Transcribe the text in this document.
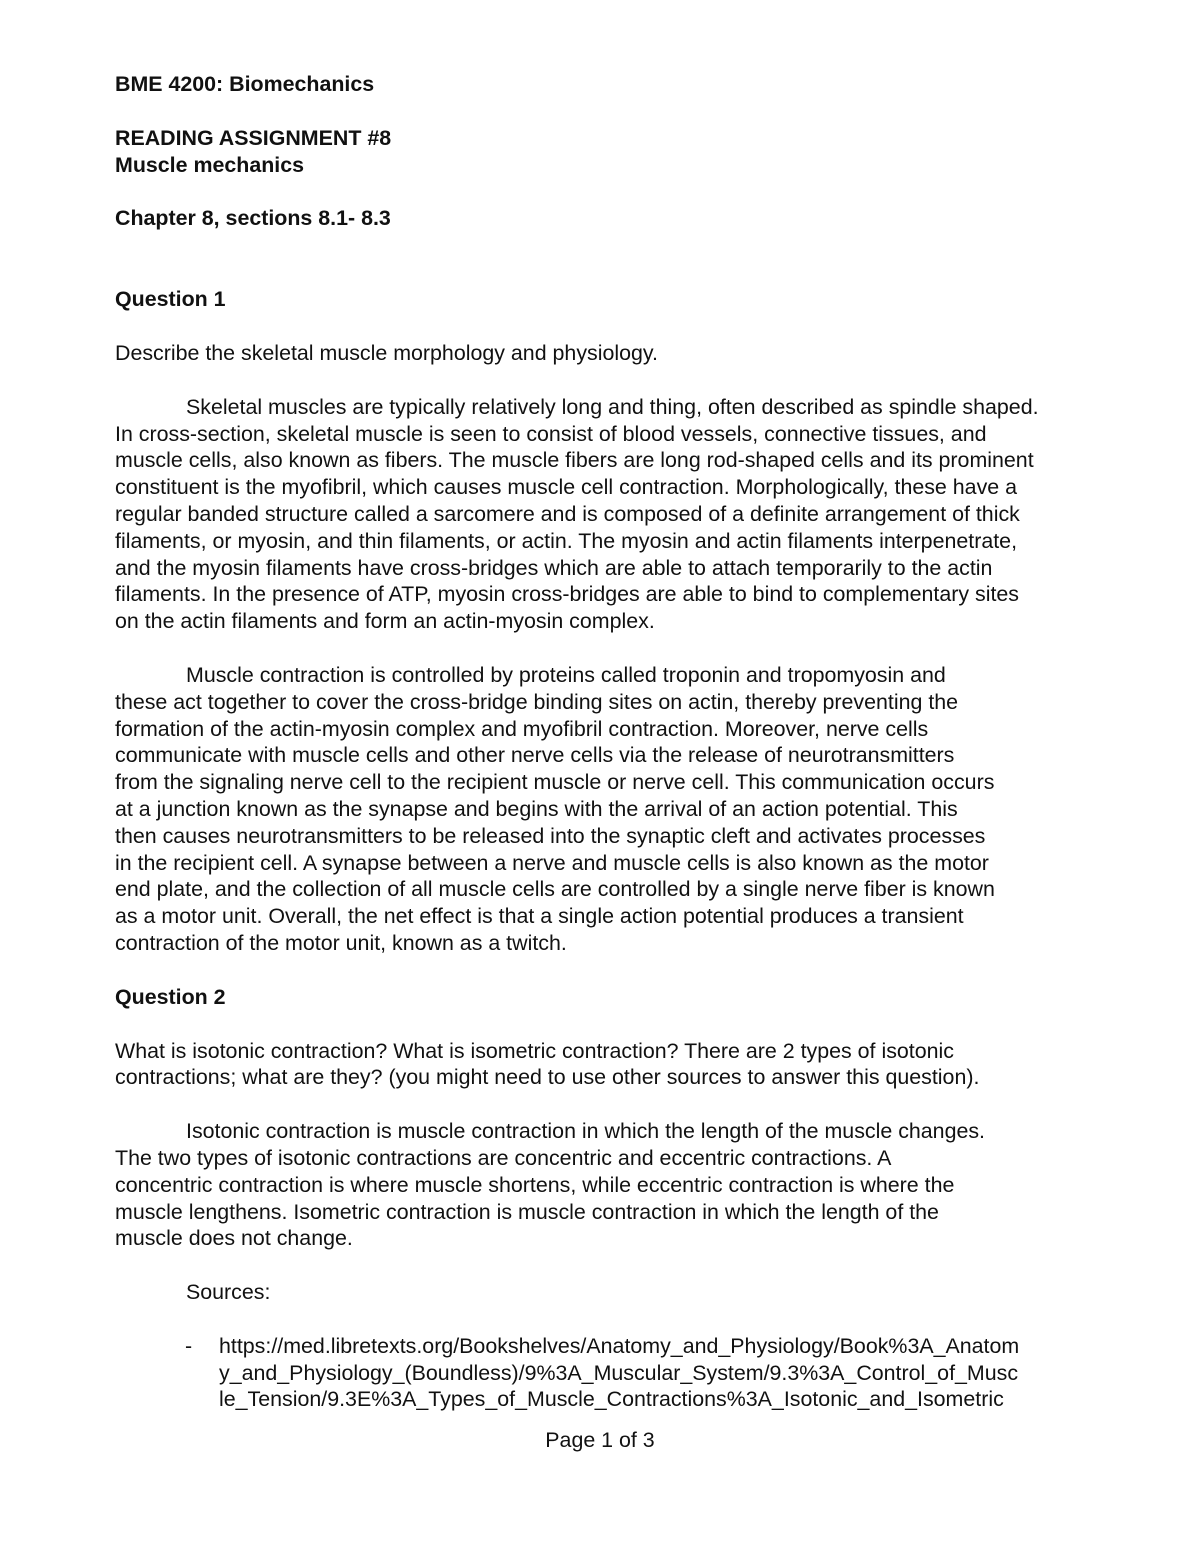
BME 4200: Biomechanics
READING ASSIGNMENT #8
Muscle mechanics
Chapter 8, sections 8.1- 8.3
Question 1
Describe the skeletal muscle morphology and physiology.
Skeletal muscles are typically relatively long and thing, often described as spindle shaped.
In cross-section, skeletal muscle is seen to consist of blood vessels, connective tissues, and
muscle cells, also known as fibers. The muscle fibers are long rod-shaped cells and its prominent
constituent is the myofibril, which causes muscle cell contraction. Morphologically, these have a
regular banded structure called a sarcomere and is composed of a definite arrangement of thick
filaments, or myosin, and thin filaments, or actin. The myosin and actin filaments interpenetrate,
and the myosin filaments have cross-bridges which are able to attach temporarily to the actin
filaments. In the presence of ATP, myosin cross-bridges are able to bind to complementary sites
on the actin filaments and form an actin-myosin complex.
Muscle contraction is controlled by proteins called troponin and tropomyosin and
these act together to cover the cross-bridge binding sites on actin, thereby preventing the
formation of the actin-myosin complex and myofibril contraction. Moreover, nerve cells
communicate with muscle cells and other nerve cells via the release of neurotransmitters
from the signaling nerve cell to the recipient muscle or nerve cell. This communication occurs
at a junction known as the synapse and begins with the arrival of an action potential. This
then causes neurotransmitters to be released into the synaptic cleft and activates processes
in the recipient cell. A synapse between a nerve and muscle cells is also known as the motor
end plate, and the collection of all muscle cells are controlled by a single nerve fiber is known
as a motor unit. Overall, the net effect is that a single action potential produces a transient
contraction of the motor unit, known as a twitch.
Question 2
What is isotonic contraction? What is isometric contraction? There are 2 types of isotonic
contractions; what are they? (you might need to use other sources to answer this question).
Isotonic contraction is muscle contraction in which the length of the muscle changes.
The two types of isotonic contractions are concentric and eccentric contractions. A
concentric contraction is where muscle shortens, while eccentric contraction is where the
muscle lengthens. Isometric contraction is muscle contraction in which the length of the
muscle does not change.
Sources:
- https://med.libretexts.org/Bookshelves/Anatomy_and_Physiology/Book%3A_Anatom
y_and_Physiology_(Boundless)/9%3A_Muscular_System/9.3%3A_Control_of_Musc
le_Tension/9.3E%3A_Types_of_Muscle_Contractions%3A_Isotonic_and_Isometric
Page 1 of 3
